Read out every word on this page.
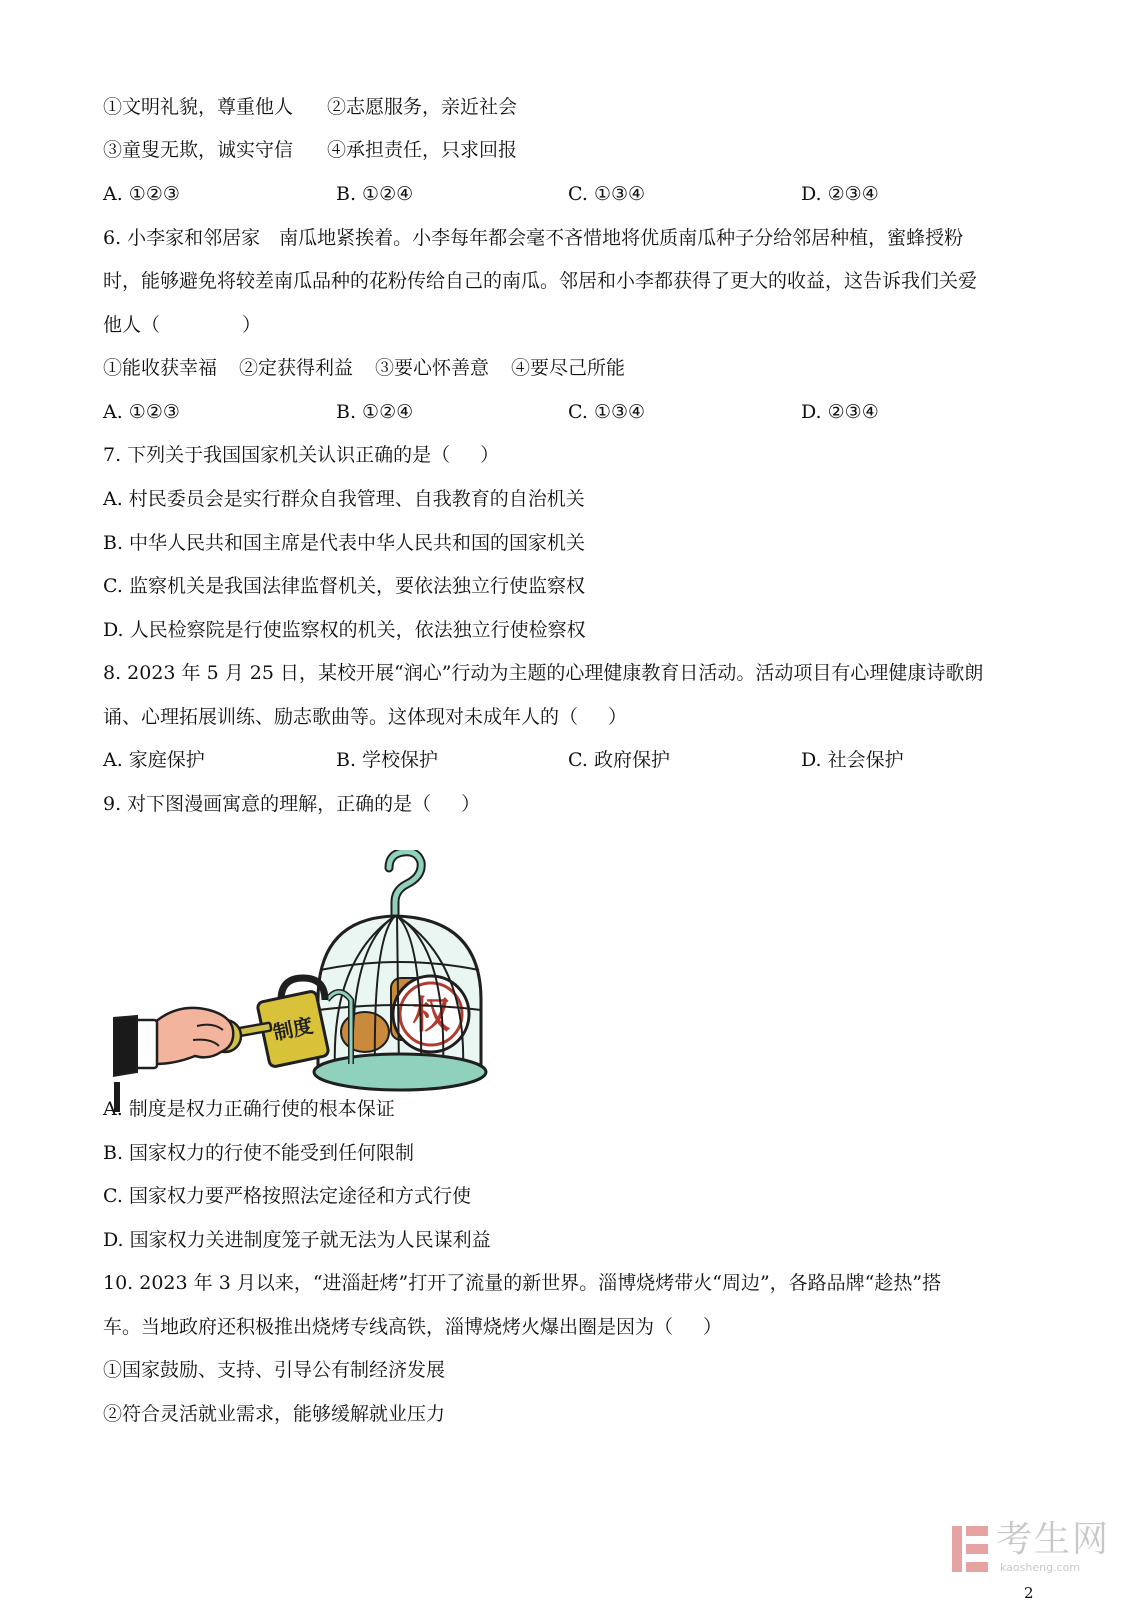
①文明礼貌，尊重他人 ②志愿服务，亲近社会
③童叟无欺，诚实守信 ④承担责任，只求回报
A. ①②③	B. ①②④	C. ①③④	D. ②③④
6. 小李家和邻居家　南瓜地紧挨着。小李每年都会毫不吝惜地将优质南瓜种子分给邻居种植，蜜蜂授粉
时，能够避免将较差南瓜品种的花粉传给自己的南瓜。邻居和小李都获得了更大的收益，这告诉我们关爱
他人（	）
①能收获幸福 ②定获得利益 ③要心怀善意 ④要尽己所能
A. ①②③	B. ①②④	C. ①③④	D. ②③④
7. 下列关于我国国家机关认识正确的是（ ）
A. 村民委员会是实行群众自我管理、自我教育的自治机关
B. 中华人民共和国主席是代表中华人民共和国的国家机关
C. 监察机关是我国法律监督机关，要依法独立行使监察权
D. 人民检察院是行使监察权的机关，依法独立行使检察权
8. 2023 年 5 月 25 日，某校开展“润心”行动为主题的心理健康教育日活动。活动项目有心理健康诗歌朗
诵、心理拓展训练、励志歌曲等。这体现对未成年人的（ ）
A. 家庭保护	B. 学校保护	C. 政府保护	D. 社会保护
9. 对下图漫画寓意的理解，正确的是（ ）
权
制度
A. 制度是权力正确行使的根本保证
B. 国家权力的行使不能受到任何限制
C. 国家权力要严格按照法定途径和方式行使
D. 国家权力关进制度笼子就无法为人民谋利益
10. 2023 年 3 月以来，“进淄赶烤”打开了流量的新世界。淄博烧烤带火“周边”，各路品牌“趁热”搭
车。当地政府还积极推出烧烤专线高铁，淄博烧烤火爆出圈是因为（ ）
①国家鼓励、支持、引导公有制经济发展
②符合灵活就业需求，能够缓解就业压力
考生网
kaosheng.com
2
